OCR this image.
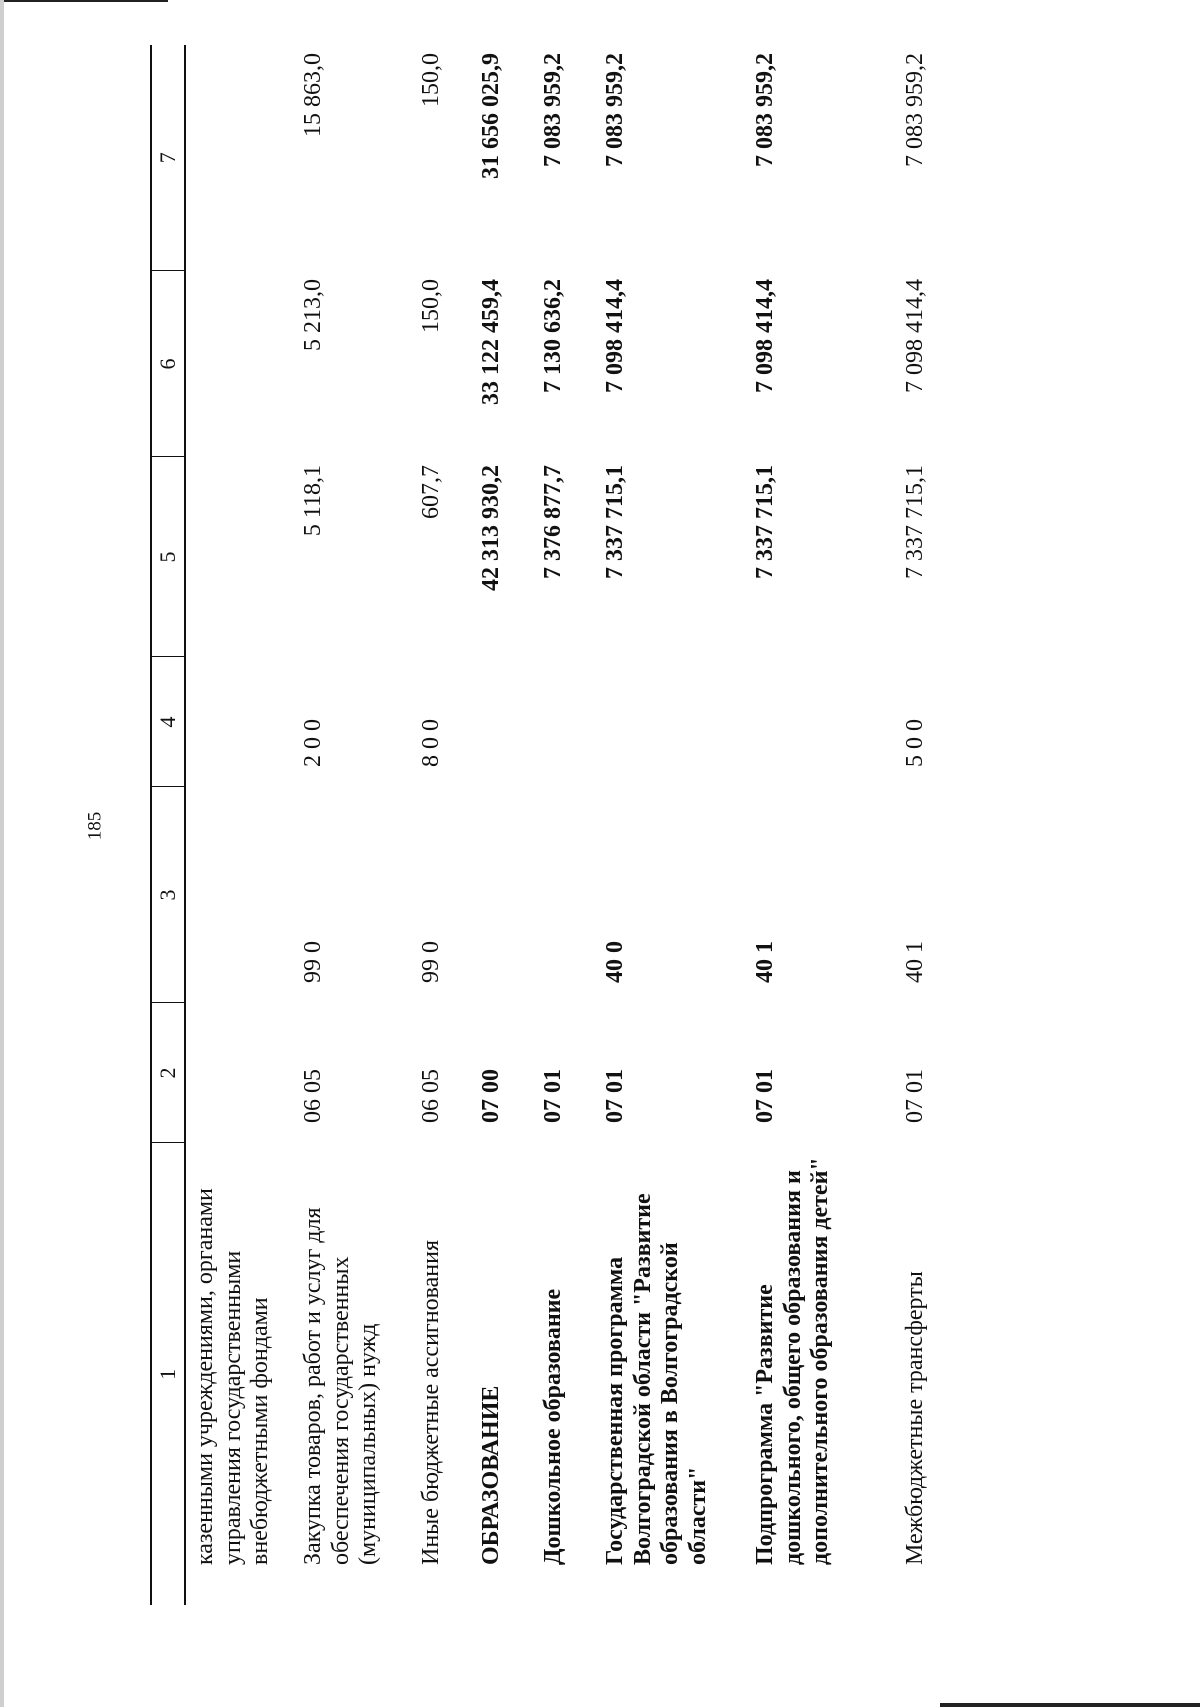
185
1	2	3	4	5	6	7
казенными учреждениями, органами управления государственными внебюджетными фондами						
Закупка товаров, работ и услуг для обеспечения государственных (муниципальных) нужд	06 05	99 0	2 0 0	5 118,1	5 213,0	15 863,0
Иные бюджетные ассигнования	06 05	99 0	8 0 0	607,7	150,0	150,0
ОБРАЗОВАНИЕ	07 00			42 313 930,2	33 122 459,4	31 656 025,9
Дошкольное образование	07 01			7 376 877,7	7 130 636,2	7 083 959,2
Государственная программа Волгоградской области "Развитие образования в Волгоградской области"	07 01	40 0		7 337 715,1	7 098 414,4	7 083 959,2
Подпрограмма "Развитие дошкольного, общего образования и дополнительного образования детей"	07 01	40 1		7 337 715,1	7 098 414,4	7 083 959,2
Межбюджетные трансферты	07 01	40 1	5 0 0	7 337 715,1	7 098 414,4	7 083 959,2
